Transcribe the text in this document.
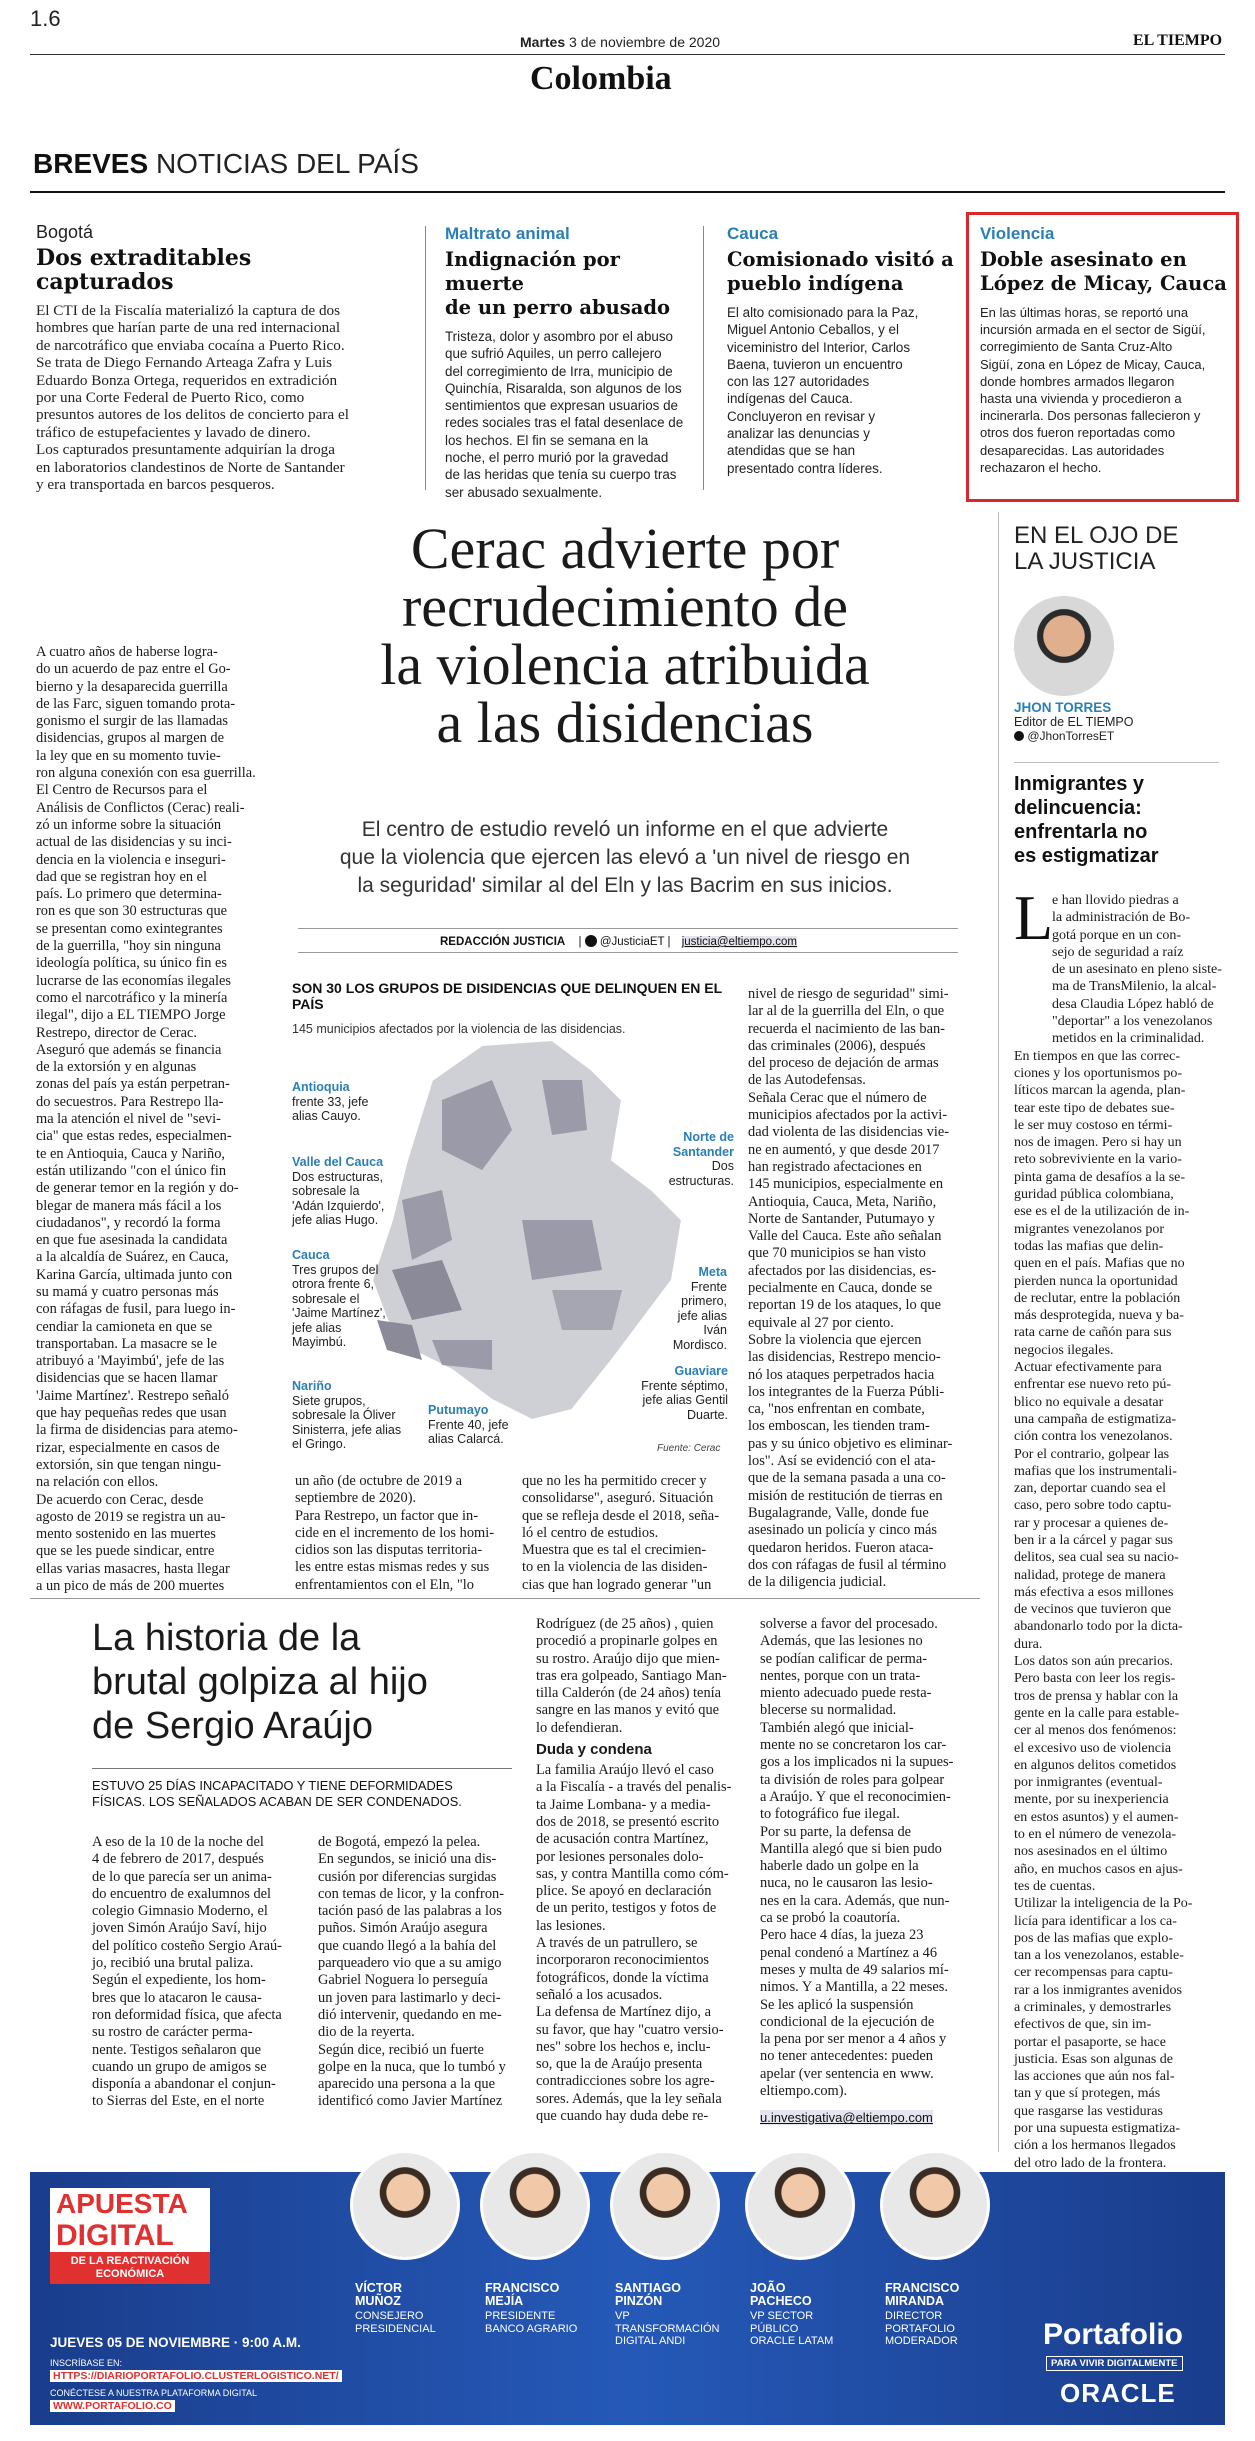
1.6
Martes 3 de noviembre de 2020
Colombia
EL TIEMPO
BREVES NOTICIAS DEL PAÍS
Bogotá
Dos extraditables capturados
El CTI de la Fiscalía materializó la captura de dos
hombres que harían parte de una red internacional
de narcotráfico que enviaba cocaína a Puerto Rico.
Se trata de Diego Fernando Arteaga Zafra y Luis
Eduardo Bonza Ortega, requeridos en extradición
por una Corte Federal de Puerto Rico, como
presuntos autores de los delitos de concierto para el
tráfico de estupefacientes y lavado de dinero.
Los capturados presuntamente adquirían la droga
en laboratorios clandestinos de Norte de Santander
y era transportada en barcos pesqueros.
Maltrato animal
Indignación por muerte
de un perro abusado
Tristeza, dolor y asombro por el abuso
que sufrió Aquiles, un perro callejero
del corregimiento de Irra, municipio de
Quinchía, Risaralda, son algunos de los
sentimientos que expresan usuarios de
redes sociales tras el fatal desenlace de
los hechos. El fin se semana en la
noche, el perro murió por la gravedad
de las heridas que tenía su cuerpo tras
ser abusado sexualmente.
Cauca
Comisionado visitó a
pueblo indígena
El alto comisionado para la Paz,
Miguel Antonio Ceballos, y el
viceministro del Interior, Carlos
Baena, tuvieron un encuentro
con las 127 autoridades
indígenas del Cauca.
Concluyeron en revisar y
analizar las denuncias y
atendidas que se han
presentado contra líderes.
Violencia
Doble asesinato en
López de Micay, Cauca
En las últimas horas, se reportó una
incursión armada en el sector de Sigüí,
corregimiento de Santa Cruz-Alto
Sigüí, zona en López de Micay, Cauca,
donde hombres armados llegaron
hasta una vivienda y procedieron a
incinerarla. Dos personas fallecieron y
otros dos fueron reportadas como
desaparecidas. Las autoridades
rechazaron el hecho.
Cerac advierte por
recrudecimiento de
la violencia atribuida
a las disidencias
El centro de estudio reveló un informe en el que advierte
que la violencia que ejercen las elevó a 'un nivel de riesgo en
la seguridad' similar al del Eln y las Bacrim en sus inicios.
REDACCIÓN JUSTICIA |  @JusticiaET | justicia@eltiempo.com
A cuatro años de haberse logra-
do un acuerdo de paz entre el Go-
bierno y la desaparecida guerrilla
de las Farc, siguen tomando prota-
gonismo el surgir de las llamadas
disidencias, grupos al margen de
la ley que en su momento tuvie-
ron alguna conexión con esa guerrilla.
El Centro de Recursos para el
Análisis de Conflictos (Cerac) reali-
zó un informe sobre la situación
actual de las disidencias y su inci-
dencia en la violencia e inseguri-
dad que se registran hoy en el
país. Lo primero que determina-
ron es que son 30 estructuras que
se presentan como exintegrantes
de la guerrilla, "hoy sin ninguna
ideología política, su único fin es
lucrarse de las economías ilegales
como el narcotráfico y la minería
ilegal", dijo a EL TIEMPO Jorge
Restrepo, director de Cerac.
Aseguró que además se financia
de la extorsión y en algunas
zonas del país ya están perpetran-
do secuestros. Para Restrepo lla-
ma la atención el nivel de "sevi-
cia" que estas redes, especialmen-
te en Antioquia, Cauca y Nariño,
están utilizando "con el único fin
de generar temor en la región y do-
blegar de manera más fácil a los
ciudadanos", y recordó la forma
en que fue asesinada la candidata
a la alcaldía de Suárez, en Cauca,
Karina García, ultimada junto con
su mamá y cuatro personas más
con ráfagas de fusil, para luego in-
cendiar la camioneta en que se
transportaban. La masacre se le
atribuyó a 'Mayimbú', jefe de las
disidencias que se hacen llamar
'Jaime Martínez'. Restrepo señaló
que hay pequeñas redes que usan
la firma de disidencias para atemo-
rizar, especialmente en casos de
extorsión, sin que tengan ningu-
na relación con ellos.
De acuerdo con Cerac, desde
agosto de 2019 se registra un au-
mento sostenido en las muertes
que se les puede sindicar, entre
ellas varias masacres, hasta llegar
a un pico de más de 200 muertes
SON 30 LOS GRUPOS DE DISIDENCIAS QUE DELINQUEN EN EL PAÍS
145 municipios afectados por la violencia de las disidencias.
Antioquia
frente 33, jefe
alias Cauyo.
Valle del Cauca
Dos estructuras,
sobresale la
'Adán Izquierdo',
jefe alias Hugo.
Cauca
Tres grupos del
otrora frente 6,
sobresale el
'Jaime Martínez',
jefe alias
Mayimbú.
Nariño
Siete grupos,
sobresale la Óliver
Sinisterra, jefe alias
el Gringo.
Putumayo
Frente 40, jefe
alias Calarcá.
Norte de
Santander
Dos estructuras.
Meta
Frente
primero,
jefe alias
Iván
Mordisco.
Guaviare
Frente séptimo,
jefe alias Gentil
Duarte.
Fuente: Cerac
un año (de octubre de 2019 a
septiembre de 2020).
Para Restrepo, un factor que in-
cide en el incremento de los homi-
cidios son las disputas territoria-
les entre estas mismas redes y sus
enfrentamientos con el Eln, "lo
que no les ha permitido crecer y
consolidarse", aseguró. Situación
que se refleja desde el 2018, seña-
ló el centro de estudios.
Muestra que es tal el crecimien-
to en la violencia de las disiden-
cias que han logrado generar "un
nivel de riesgo de seguridad" simi-
lar al de la guerrilla del Eln, o que
recuerda el nacimiento de las ban-
das criminales (2006), después
del proceso de dejación de armas
de las Autodefensas.
Señala Cerac que el número de
municipios afectados por la activi-
dad violenta de las disidencias vie-
ne en aumentó, y que desde 2017
han registrado afectaciones en
145 municipios, especialmente en
Antioquia, Cauca, Meta, Nariño,
Norte de Santander, Putumayo y
Valle del Cauca. Este año señalan
que 70 municipios se han visto
afectados por las disidencias, es-
pecialmente en Cauca, donde se
reportan 19 de los ataques, lo que
equivale al 27 por ciento.
Sobre la violencia que ejercen
las disidencias, Restrepo mencio-
nó los ataques perpetrados hacia
los integrantes de la Fuerza Públi-
ca, "nos enfrentan en combate,
los emboscan, les tienden tram-
pas y su único objetivo es eliminar-
los". Así se evidenció con el ata-
que de la semana pasada a una co-
misión de restitución de tierras en
Bugalagrande, Valle, donde fue
asesinado un policía y cinco más
quedaron heridos. Fueron ataca-
dos con ráfagas de fusil al término
de la diligencia judicial.
La historia de la
brutal golpiza al hijo
de Sergio Araújo
ESTUVO 25 DÍAS INCAPACITADO Y TIENE DEFORMIDADES
FÍSICAS. LOS SEÑALADOS ACABAN DE SER CONDENADOS.
A eso de la 10 de la noche del
4 de febrero de 2017, después
de lo que parecía ser un anima-
do encuentro de exalumnos del
colegio Gimnasio Moderno, el
joven Simón Araújo Saví, hijo
del político costeño Sergio Araú-
jo, recibió una brutal paliza.
Según el expediente, los hom-
bres que lo atacaron le causa-
ron deformidad física, que afecta
su rostro de carácter perma-
nente. Testigos señalaron que
cuando un grupo de amigos se
disponía a abandonar el conjun-
to Sierras del Este, en el norte
de Bogotá, empezó la pelea.
En segundos, se inició una dis-
cusión por diferencias surgidas
con temas de licor, y la confron-
tación pasó de las palabras a los
puños. Simón Araújo asegura
que cuando llegó a la bahía del
parqueadero vio que a su amigo
Gabriel Noguera lo perseguía
un joven para lastimarlo y deci-
dió intervenir, quedando en me-
dio de la reyerta.
Según dice, recibió un fuerte
golpe en la nuca, que lo tumbó y
aparecido una persona a la que
identificó como Javier Martínez
Rodríguez (de 25 años) , quien
procedió a propinarle golpes en
su rostro. Araújo dijo que mien-
tras era golpeado, Santiago Man-
tilla Calderón (de 24 años) tenía
sangre en las manos y evitó que
lo defendieran.
Duda y condena
La familia Araújo llevó el caso
a la Fiscalía - a través del penalis-
ta Jaime Lombana- y a media-
dos de 2018, se presentó escrito
de acusación contra Martínez,
por lesiones personales dolo-
sas, y contra Mantilla como cóm-
plice. Se apoyó en declaración
de un perito, testigos y fotos de
las lesiones.
A través de un patrullero, se
incorporaron reconocimientos
fotográficos, donde la víctima
señaló a los acusados.
La defensa de Martínez dijo, a
su favor, que hay "cuatro versio-
nes" sobre los hechos e, inclu-
so, que la de Araújo presenta
contradicciones sobre los agre-
sores. Además, que la ley señala
que cuando hay duda debe re-
solverse a favor del procesado.
Además, que las lesiones no
se podían calificar de perma-
nentes, porque con un trata-
miento adecuado puede resta-
blecerse su normalidad.
También alegó que inicial-
mente no se concretaron los car-
gos a los implicados ni la supues-
ta división de roles para golpear
a Araújo. Y que el reconocimien-
to fotográfico fue ilegal.
Por su parte, la defensa de
Mantilla alegó que si bien pudo
haberle dado un golpe en la
nuca, no le causaron las lesio-
nes en la cara. Además, que nun-
ca se probó la coautoría.
Pero hace 4 días, la jueza 23
penal condenó a Martínez a 46
meses y multa de 49 salarios mí-
nimos. Y a Mantilla, a 22 meses.
Se les aplicó la suspensión
condicional de la ejecución de
la pena por ser menor a 4 años y
no tener antecedentes: pueden
apelar (ver sentencia en www.
eltiempo.com).
u.investigativa@eltiempo.com
EN EL OJO DE
LA JUSTICIA
JHON TORRES
Editor de EL TIEMPO
@JhonTorresET
Inmigrantes y
delincuencia:
enfrentarla no
es estigmatizar
L
e han llovido piedras a
la administración de Bo-
gotá porque en un con-
sejo de seguridad a raíz
de un asesinato en pleno siste-
ma de TransMilenio, la alcal-
desa Claudia López habló de
"deportar" a los venezolanos
metidos en la criminalidad.
En tiempos en que las correc-
ciones y los oportunismos po-
líticos marcan la agenda, plan-
tear este tipo de debates sue-
le ser muy costoso en térmi-
nos de imagen. Pero si hay un
reto sobreviviente en la vario-
pinta gama de desafíos a la se-
guridad pública colombiana,
ese es el de la utilización de in-
migrantes venezolanos por
todas las mafias que delin-
quen en el país. Mafias que no
pierden nunca la oportunidad
de reclutar, entre la población
más desprotegida, nueva y ba-
rata carne de cañón para sus
negocios ilegales.
Actuar efectivamente para
enfrentar ese nuevo reto pú-
blico no equivale a desatar
una campaña de estigmatiza-
ción contra los venezolanos.
Por el contrario, golpear las
mafias que los instrumentali-
zan, deportar cuando sea el
caso, pero sobre todo captu-
rar y procesar a quienes de-
ben ir a la cárcel y pagar sus
delitos, sea cual sea su nacio-
nalidad, protege de manera
más efectiva a esos millones
de vecinos que tuvieron que
abandonarlo todo por la dicta-
dura.
Los datos son aún precarios.
Pero basta con leer los regis-
tros de prensa y hablar con la
gente en la calle para estable-
cer al menos dos fenómenos:
el excesivo uso de violencia
en algunos delitos cometidos
por inmigrantes (eventual-
mente, por su inexperiencia
en estos asuntos) y el aumen-
to en el número de venezola-
nos asesinados en el último
año, en muchos casos en ajus-
tes de cuentas.
Utilizar la inteligencia de la Po-
licía para identificar a los ca-
pos de las mafias que explo-
tan a los venezolanos, estable-
cer recompensas para captu-
rar a los inmigrantes avenidos
a criminales, y demostrarles
efectivos de que, sin im-
portar el pasaporte, se hace
justicia. Esas son algunas de
las acciones que aún nos fal-
tan y que sí protegen, más
que rasgarse las vestiduras
por una supuesta estigmatiza-
ción a los hermanos llegados
del otro lado de la frontera.
APUESTA
DIGITAL
DE LA REACTIVACIÓN
ECONÓMICA
JUEVES 05 DE NOVIEMBRE · 9:00 A.M.
INSCRÍBASE EN:
HTTPS://DIARIOPORTAFOLIO.CLUSTERLOGISTICO.NET/
CONÉCTESE A NUESTRA PLATAFORMA DIGITAL
WWW.PORTAFOLIO.CO
VÍCTOR
MUÑOZ
CONSEJERO
PRESIDENCIAL
FRANCISCO
MEJÍA
PRESIDENTE
BANCO AGRARIO
SANTIAGO
PINZÓN
VP TRANSFORMACIÓN
DIGITAL ANDI
JOÃO
PACHECO
VP SECTOR PÚBLICO
ORACLE LATAM
FRANCISCO
MIRANDA
DIRECTOR PORTAFOLIO
MODERADOR	Portafolio
PARA VIVIR DIGITALMENTE
ORACLE
